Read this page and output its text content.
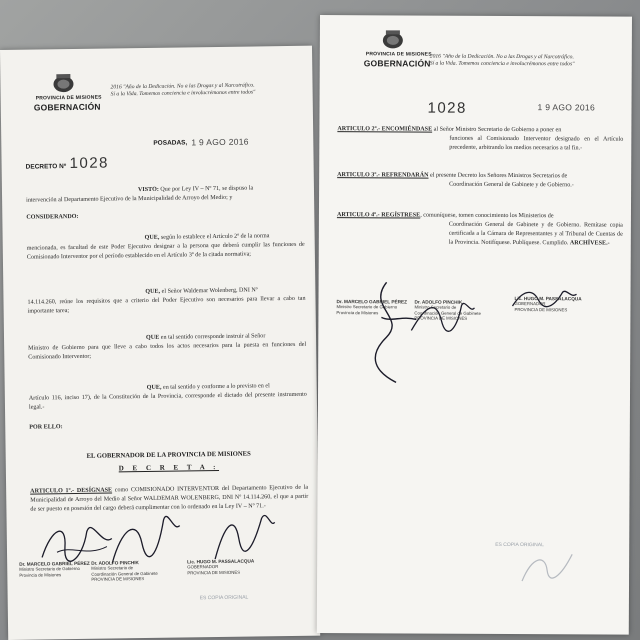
PROVINCIA DE MISIONES
GOBERNACIÓN
2016 "Año de la Dedicación. No a las Drogas y al Narcotráfico.
Sí a la Vida. Tomemos conciencia e involucrémonos entre todos"
POSADAS, 1 9 AGO 2016
DECRETO Nº 1028
VISTO: Que por Ley IV – Nº 71, se dispuso la
intervención al Departamento Ejecutivo de la Municipalidad de Arroyo del Medio; y
CONSIDERANDO:
QUE, según lo establece el Artículo 2º de la norma
mencionada, es facultad de este Poder Ejecutivo designar a la persona que deberá cumplir las funciones de Comisionado Interventor por el período establecido en el Artículo 3º de la citada normativa;
QUE, el Señor Waldemar Wolenberg, DNI Nº
14.114.260, reúne los requisitos que a criterio del Poder Ejecutivo son necesarios para llevar a cabo tan importante tarea;
QUE en tal sentido corresponde instruir al Señor
Ministro de Gobierno para que lleve a cabo todos los actos necesarios para la puesta en funciones del Comisionado Interventor;
QUE, en tal sentido y conforme a lo previsto en el
Artículo 116, inciso 17), de la Constitución de la Provincia, corresponde el dictado del presente instrumento legal.-
POR ELLO:
EL GOBERNADOR DE LA PROVINCIA DE MISIONES
D E C R E T A :
ARTICULO 1º.- DESÍGNASE como COMISIONADO INTERVENTOR del Departamento Ejecutivo de la Municipalidad de Arroyo del Medio al Señor WALDEMAR WOLENBERG, DNI Nº 14.114.260, el que a partir de ser puesto en posesión del cargo deberá cumplimentar con lo ordenado en la Ley IV – Nº 71.-
Dr. MARCELO GABRIEL PÉREZ
Ministro Secretario de Gobierno
Provincia de Misiones
Dr. ADOLFO PINCHIK
Ministro Secretario de
Coordinación General de Gabinete
PROVINCIA DE MISIONES
Lic. HUGO M. PASSALACQUA
GOBERNADOR
PROVINCIA DE MISIONES
ES COPIA ORIGINAL
PROVINCIA DE MISIONES
GOBERNACIÓN
2016 "Año de la Dedicación. No a las Drogas y al Narcotráfico.
Sí a la Vida. Tomemos conciencia e involucrémonos entre todos"
1028	1 9 AGO 2016
ARTICULO 2º.- ENCOMIÉNDASE al Señor Ministro Secretario de Gobierno a poner en
funciones al Comisionado Interventor designado en el Artículo precedente, arbitrando los medios necesarios a tal fin.-
ARTICULO 3º.- REFRENDARÁN el presente Decreto los Señores Ministros Secretarios de
Coordinación General de Gabinete y de Gobierno.-
ARTICULO 4º.- REGÍSTRESE, comuníquese, tomen conocimiento los Ministerios de
Coordinación General de Gabinete y de Gobierno. Remítase copia certificada a la Cámara de Representantes y al Tribunal de Cuentas de la Provincia. Notifíquese. Publíquese. Cumplido. ARCHÍVESE.-
Dr. MARCELO GABRIEL PÉREZ
Ministro Secretario de Gobierno
Provincia de Misiones
Dr. ADOLFO PINCHIK
Ministro Secretario de
Coordinación General de Gabinete
PROVINCIA DE MISIONES
Lic. HUGO M. PASSALACQUA
GOBERNADOR
PROVINCIA DE MISIONES
ES COPIA ORIGINAL
